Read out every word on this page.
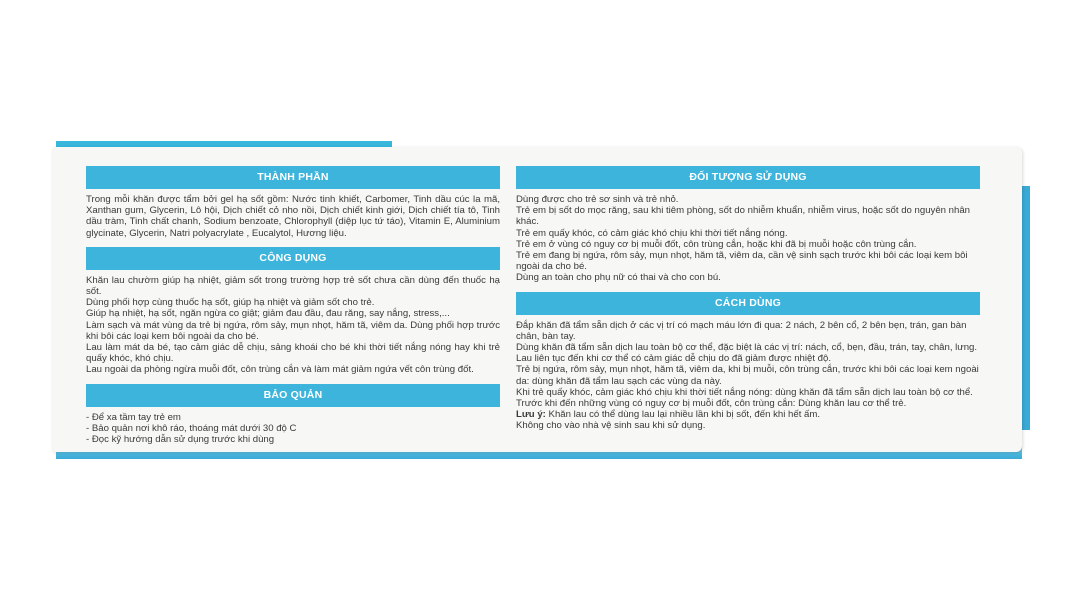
THÀNH PHẦN

Trong mỗi khăn được tẩm bởi gel hạ sốt gồm: Nước tinh khiết, Carbomer, Tinh dầu cúc la mã, Xanthan gum, Glycerin, Lô hội, Dịch chiết cỏ nho nồi, Dịch chiết kinh giới, Dịch chiết tía tô, Tinh dầu tràm, Tinh chất chanh, Sodium benzoate, Chlorophyll (diệp lục tứ táo), Vitamin E, Aluminium glycinate, Glycerin, Natri polyacrylate , Eucalytol, Hương liệu.

CÔNG DỤNG

Khăn lau chườm giúp hạ nhiệt, giảm sốt trong trường hợp trẻ sốt chưa cần dùng đến thuốc hạ sốt.

Dùng phối hợp cùng thuốc hạ sốt, giúp hạ nhiệt và giảm sốt cho trẻ.

Giúp hạ nhiệt, hạ sốt, ngăn ngừa co giật; giảm đau đầu, đau răng, say nắng, stress,...

Làm sạch và mát vùng da trẻ bị ngứa, rôm sảy, mụn nhọt, hăm tã, viêm da. Dùng phối hợp trước khi bôi các loại kem bôi ngoài da cho bé.

Lau làm mát da bé, tạo cảm giác dễ chịu, sảng khoái cho bé khi thời tiết nắng nóng hay khi trẻ quấy khóc, khó chịu.

Lau ngoài da phòng ngừa muỗi đốt, côn trùng cắn và làm mát giảm ngứa vết côn trùng đốt.

BẢO QUẢN

- Để xa tầm tay trẻ em

- Bảo quản nơi khô ráo, thoáng mát dưới 30 độ C

- Đọc kỹ hướng dẫn sử dụng trước khi dùng

ĐỐI TƯỢNG SỬ DỤNG

Dùng được cho trẻ sơ sinh và trẻ nhỏ.

Trẻ em bị sốt do mọc răng, sau khi tiêm phòng, sốt do nhiễm khuẩn, nhiễm virus, hoặc sốt do nguyên nhân khác.

Trẻ em quấy khóc, có cảm giác khó chịu khi thời tiết nắng nóng.

Trẻ em ở vùng có nguy cơ bị muỗi đốt, côn trùng cắn, hoặc khi đã bị muỗi hoặc côn trùng cắn.

Trẻ em đang bị ngứa, rôm sảy, mụn nhọt, hăm tã, viêm da, cần vệ sinh sạch trước khi bôi các loại kem bôi ngoài da cho bé.

Dùng an toàn cho phụ nữ có thai và cho con bú.

CÁCH DÙNG

Đắp khăn đã tẩm sẵn dịch ở các vị trí có mạch máu lớn đi qua: 2 nách, 2 bên cổ, 2 bên bẹn, trán, gan bàn chân, bàn tay.

Dùng khăn đã tẩm sẵn dịch lau toàn bộ cơ thể, đặc biệt là các vị trí: nách, cổ, bẹn, đầu, trán, tay, chân, lưng. Lau liên tục đến khi cơ thể có cảm giác dễ chịu do đã giảm được nhiệt độ.

Trẻ bị ngứa, rôm sảy, mụn nhọt, hăm tã, viêm da, khi bị muỗi, côn trùng cắn, trước khi bôi các loại kem ngoài da: dùng khăn đã tẩm lau sạch các vùng da này.

Khi trẻ quấy khóc, cảm giác khó chịu khi thời tiết nắng nóng: dùng khăn đã tẩm sẵn dịch lau toàn bộ cơ thể.

Trước khi đến những vùng có nguy cơ bị muỗi đốt, côn trùng cắn: Dùng khăn lau cơ thể trẻ.

Lưu ý: Khăn lau có thể dùng lau lại nhiều lần khi bị sốt, đến khi hết ấm.

Không cho vào nhà vệ sinh sau khi sử dụng.
